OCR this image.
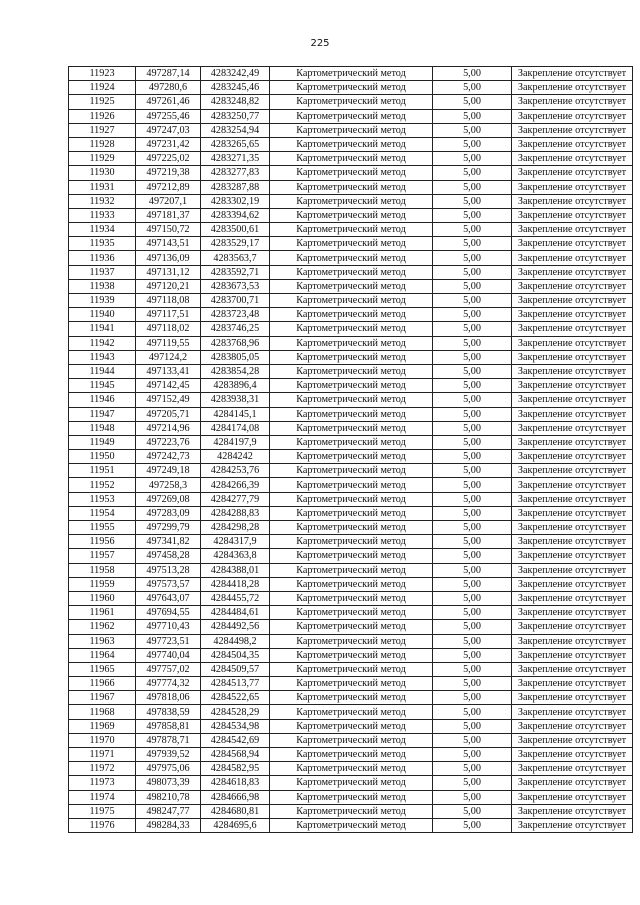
225
11923	497287,14	4283242,49	Картометрический метод	5,00	Закрепление отсутствует
11924	497280,6	4283245,46	Картометрический метод	5,00	Закрепление отсутствует
11925	497261,46	4283248,82	Картометрический метод	5,00	Закрепление отсутствует
11926	497255,46	4283250,77	Картометрический метод	5,00	Закрепление отсутствует
11927	497247,03	4283254,94	Картометрический метод	5,00	Закрепление отсутствует
11928	497231,42	4283265,65	Картометрический метод	5,00	Закрепление отсутствует
11929	497225,02	4283271,35	Картометрический метод	5,00	Закрепление отсутствует
11930	497219,38	4283277,83	Картометрический метод	5,00	Закрепление отсутствует
11931	497212,89	4283287,88	Картометрический метод	5,00	Закрепление отсутствует
11932	497207,1	4283302,19	Картометрический метод	5,00	Закрепление отсутствует
11933	497181,37	4283394,62	Картометрический метод	5,00	Закрепление отсутствует
11934	497150,72	4283500,61	Картометрический метод	5,00	Закрепление отсутствует
11935	497143,51	4283529,17	Картометрический метод	5,00	Закрепление отсутствует
11936	497136,09	4283563,7	Картометрический метод	5,00	Закрепление отсутствует
11937	497131,12	4283592,71	Картометрический метод	5,00	Закрепление отсутствует
11938	497120,21	4283673,53	Картометрический метод	5,00	Закрепление отсутствует
11939	497118,08	4283700,71	Картометрический метод	5,00	Закрепление отсутствует
11940	497117,51	4283723,48	Картометрический метод	5,00	Закрепление отсутствует
11941	497118,02	4283746,25	Картометрический метод	5,00	Закрепление отсутствует
11942	497119,55	4283768,96	Картометрический метод	5,00	Закрепление отсутствует
11943	497124,2	4283805,05	Картометрический метод	5,00	Закрепление отсутствует
11944	497133,41	4283854,28	Картометрический метод	5,00	Закрепление отсутствует
11945	497142,45	4283896,4	Картометрический метод	5,00	Закрепление отсутствует
11946	497152,49	4283938,31	Картометрический метод	5,00	Закрепление отсутствует
11947	497205,71	4284145,1	Картометрический метод	5,00	Закрепление отсутствует
11948	497214,96	4284174,08	Картометрический метод	5,00	Закрепление отсутствует
11949	497223,76	4284197,9	Картометрический метод	5,00	Закрепление отсутствует
11950	497242,73	4284242	Картометрический метод	5,00	Закрепление отсутствует
11951	497249,18	4284253,76	Картометрический метод	5,00	Закрепление отсутствует
11952	497258,3	4284266,39	Картометрический метод	5,00	Закрепление отсутствует
11953	497269,08	4284277,79	Картометрический метод	5,00	Закрепление отсутствует
11954	497283,09	4284288,83	Картометрический метод	5,00	Закрепление отсутствует
11955	497299,79	4284298,28	Картометрический метод	5,00	Закрепление отсутствует
11956	497341,82	4284317,9	Картометрический метод	5,00	Закрепление отсутствует
11957	497458,28	4284363,8	Картометрический метод	5,00	Закрепление отсутствует
11958	497513,28	4284388,01	Картометрический метод	5,00	Закрепление отсутствует
11959	497573,57	4284418,28	Картометрический метод	5,00	Закрепление отсутствует
11960	497643,07	4284455,72	Картометрический метод	5,00	Закрепление отсутствует
11961	497694,55	4284484,61	Картометрический метод	5,00	Закрепление отсутствует
11962	497710,43	4284492,56	Картометрический метод	5,00	Закрепление отсутствует
11963	497723,51	4284498,2	Картометрический метод	5,00	Закрепление отсутствует
11964	497740,04	4284504,35	Картометрический метод	5,00	Закрепление отсутствует
11965	497757,02	4284509,57	Картометрический метод	5,00	Закрепление отсутствует
11966	497774,32	4284513,77	Картометрический метод	5,00	Закрепление отсутствует
11967	497818,06	4284522,65	Картометрический метод	5,00	Закрепление отсутствует
11968	497838,59	4284528,29	Картометрический метод	5,00	Закрепление отсутствует
11969	497858,81	4284534,98	Картометрический метод	5,00	Закрепление отсутствует
11970	497878,71	4284542,69	Картометрический метод	5,00	Закрепление отсутствует
11971	497939,52	4284568,94	Картометрический метод	5,00	Закрепление отсутствует
11972	497975,06	4284582,95	Картометрический метод	5,00	Закрепление отсутствует
11973	498073,39	4284618,83	Картометрический метод	5,00	Закрепление отсутствует
11974	498210,78	4284666,98	Картометрический метод	5,00	Закрепление отсутствует
11975	498247,77	4284680,81	Картометрический метод	5,00	Закрепление отсутствует
11976	498284,33	4284695,6	Картометрический метод	5,00	Закрепление отсутствует
